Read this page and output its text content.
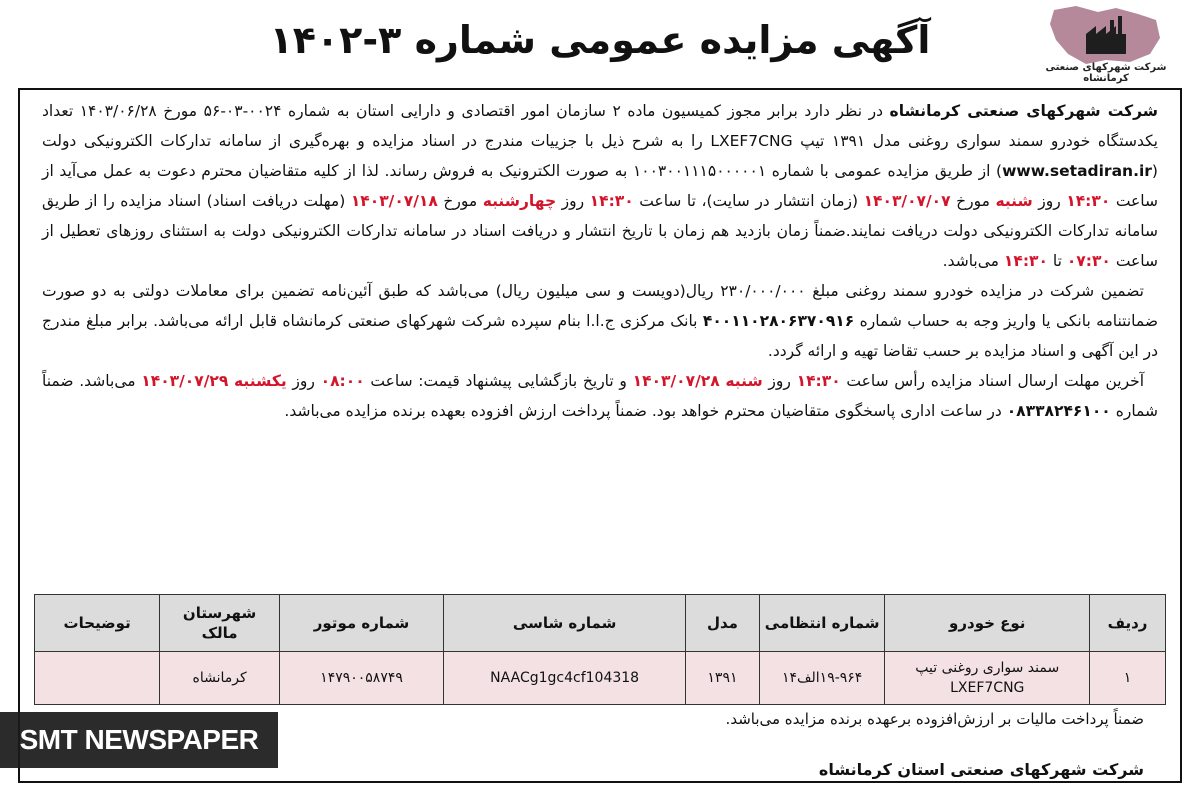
شرکت شهرکهای صنعتی کرمانشاه
آگهی مزایده عمومی شماره ۳-۱۴۰۲

شرکت شهرکهای صنعتی کرمانشاه در نظر دارد برابر مجوز کمیسیون ماده ۲ سازمان امور اقتصادی و دارایی استان به شماره ۰۰۲۴-۰۳-۵۶ مورخ ۱۴۰۳/۰۶/۲۸ تعداد یکدستگاه خودرو سمند سواری روغنی مدل ۱۳۹۱ تیپ LXEF7CNG را به شرح ذیل با جزییات مندرج در اسناد مزایده و بهره‌گیری از سامانه تدارکات الکترونیکی دولت (www.setadiran.ir) از طریق مزایده عمومی با شماره ۱۰۰۳۰۰۱۱۱۵۰۰۰۰۰۱ به صورت الکترونیک به فروش رساند. لذا از کلیه متقاضیان محترم دعوت به عمل می‌آید از ساعت ۱۴:۳۰ روز شنبه مورخ ۱۴۰۳/۰۷/۰۷ (زمان انتشار در سایت)، تا ساعت ۱۴:۳۰ روز چهارشنبه مورخ ۱۴۰۳/۰۷/۱۸ (مهلت دریافت اسناد) اسناد مزایده را از طریق سامانه تدارکات الکترونیکی دولت دریافت نمایند.ضمناً زمان بازدید هم زمان با تاریخ انتشار و دریافت اسناد در سامانه تدارکات الکترونیکی دولت به استثنای روزهای تعطیل از ساعت ۰۷:۳۰ تا ۱۴:۳۰ می‌باشد.

تضمین شرکت در مزایده خودرو سمند روغنی مبلغ ۲۳۰/۰۰۰/۰۰۰ ریال(دویست و سی میلیون ریال) می‌باشد که طبق آئین‌نامه تضمین برای معاملات دولتی به دو صورت ضمانتنامه بانکی یا واریز وجه به حساب شماره ۴۰۰۱۱۰۲۸۰۶۳۷۰۹۱۶ بانک مرکزی ج.ا.ا بنام سپرده شرکت شهرکهای صنعتی کرمانشاه قابل ارائه می‌باشد. برابر مبلغ مندرج در این آگهی و اسناد مزایده بر حسب تقاضا تهیه و ارائه گردد.

آخرین مهلت ارسال اسناد مزایده رأس ساعت ۱۴:۳۰ روز شنبه ۱۴۰۳/۰۷/۲۸ و تاریخ بازگشایی پیشنهاد قیمت: ساعت ۰۸:۰۰ روز یکشنبه ۱۴۰۳/۰۷/۲۹ می‌باشد. ضمناً شماره ۰۸۳۳۸۲۴۶۱۰۰ در ساعت اداری پاسخگوی متقاضیان محترم خواهد بود. ضمناً پرداخت ارزش افزوده بعهده برنده مزایده می‌باشد.

ردیف	نوع خودرو	شماره انتظامی	مدل	شماره شاسی	شماره موتور	شهرستان مالک	توضیحات
۱	سمند سواری روغنی تیپ LXEF7CNG	۱۹-۹۶۴الف۱۴	۱۳۹۱	NAACg1gc4cf104318	۱۴۷۹۰۰۵۸۷۴۹	کرمانشاه	
ضمناً پرداخت مالیات بر ارزش‌افزوده برعهده برنده مزایده می‌باشد.
شرکت شهرکهای صنعتی استان کرمانشاه
SMT NEWSPAPER
